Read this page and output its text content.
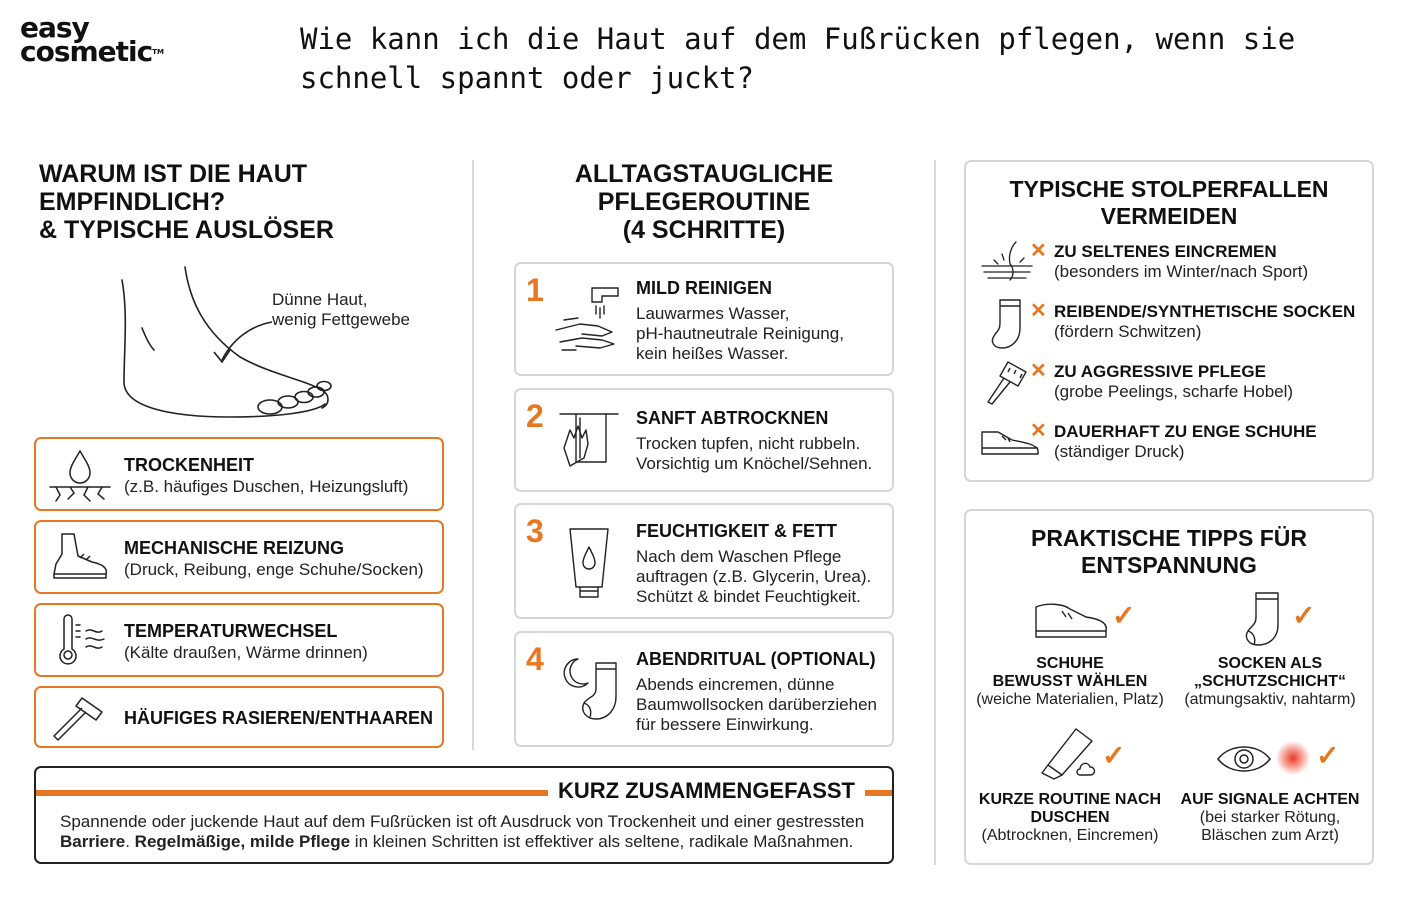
easy
cosmetic™	Wie kann ich die Haut auf dem Fußrücken pflegen, wenn sie schnell spannt oder juckt?
WARUM IST DIE HAUT
EMPFINDLICH?
& TYPISCHE AUSLÖSER
Dünne Haut,
wenig Fettgewebe
TROCKENHEIT
(z.B. häufiges Duschen, Heizungsluft)
MECHANISCHE REIZUNG
(Druck, Reibung, enge Schuhe/Socken)
TEMPERATURWECHSEL
(Kälte draußen, Wärme drinnen)
HÄUFIGES RASIEREN/ENTHAAREN
ALLTAGSTAUGLICHE
PFLEGEROUTINE
(4 SCHRITTE)
1	MILD REINIGEN
Lauwarmes Wasser,
pH-hautneutrale Reinigung,
kein heißes Wasser.
2	SANFT ABTROCKNEN
Trocken tupfen, nicht rubbeln.
Vorsichtig um Knöchel/Sehnen.
3	FEUCHTIGKEIT & FETT
Nach dem Waschen Pflege
auftragen (z.B. Glycerin, Urea).
Schützt & bindet Feuchtigkeit.
4	ABENDRITUAL (OPTIONAL)
Abends eincremen, dünne
Baumwollsocken darüberziehen
für bessere Einwirkung.
KURZ ZUSAMMENGEFASST
Spannende oder juckende Haut auf dem Fußrücken ist oft Ausdruck von Trockenheit und einer gestressten
Barriere. Regelmäßige, milde Pflege in kleinen Schritten ist effektiver als seltene, radikale Maßnahmen.
TYPISCHE STOLPERFALLEN
VERMEIDEN
✕ ZU SELTENES EINCREMEN
(besonders im Winter/nach Sport)
✕ REIBENDE/SYNTHETISCHE SOCKEN
(fördern Schwitzen)
✕ ZU AGGRESSIVE PFLEGE
(grobe Peelings, scharfe Hobel)
✕ DAUERHAFT ZU ENGE SCHUHE
(ständiger Druck)
PRAKTISCHE TIPPS FÜR
ENTSPANNUNG
✓
SCHUHE
BEWUSST WÄHLEN
(weiche Materialien, Platz)
✓
SOCKEN ALS
„SCHUTZSCHICHT“
(atmungsaktiv, nahtarm)
✓
KURZE ROUTINE NACH
DUSCHEN
(Abtrocknen, Eincremen)
✓
AUF SIGNALE ACHTEN
(bei starker Rötung,
Bläschen zum Arzt)
